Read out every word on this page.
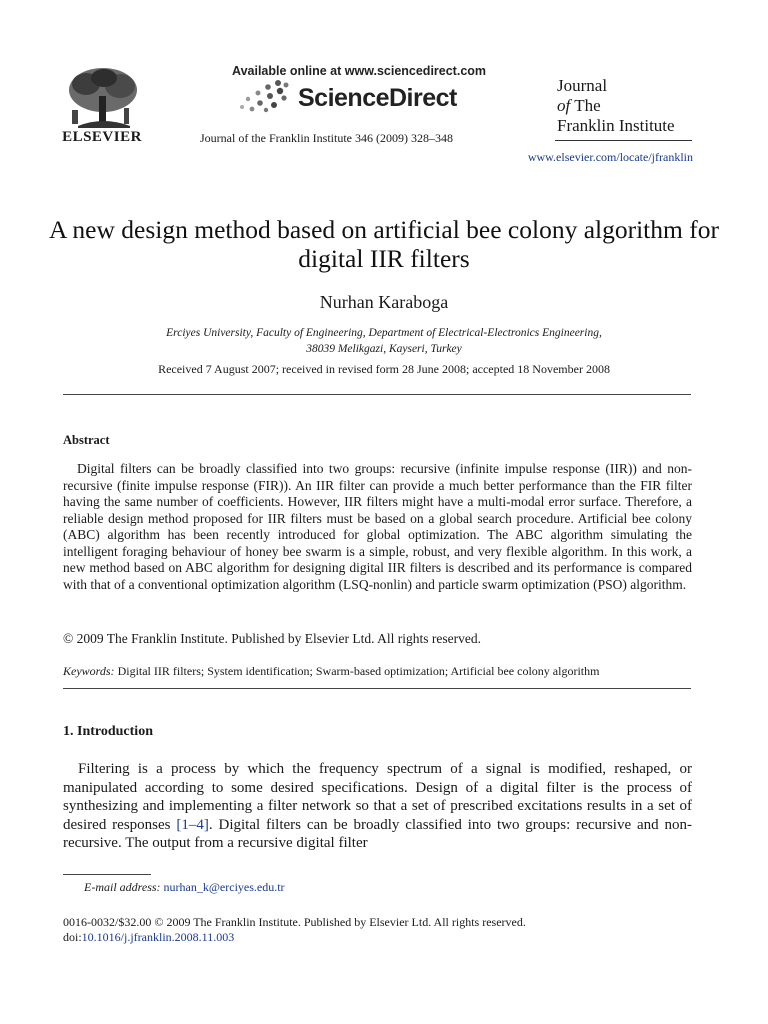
ELSEVIER
Available online at www.sciencedirect.com
ScienceDirect
Journal of the Franklin Institute 346 (2009) 328–348
Journal
of The
Franklin Institute
www.elsevier.com/locate/jfranklin
A new design method based on artificial bee colony algorithm for digital IIR filters
Nurhan Karaboga
Erciyes University, Faculty of Engineering, Department of Electrical-Electronics Engineering,
38039 Melikgazi, Kayseri, Turkey
Received 7 August 2007; received in revised form 28 June 2008; accepted 18 November 2008
Abstract
Digital filters can be broadly classified into two groups: recursive (infinite impulse response (IIR)) and non-recursive (finite impulse response (FIR)). An IIR filter can provide a much better performance than the FIR filter having the same number of coefficients. However, IIR filters might have a multi-modal error surface. Therefore, a reliable design method proposed for IIR filters must be based on a global search procedure. Artificial bee colony (ABC) algorithm has been recently introduced for global optimization. The ABC algorithm simulating the intelligent foraging behaviour of honey bee swarm is a simple, robust, and very flexible algorithm. In this work, a new method based on ABC algorithm for designing digital IIR filters is described and its performance is compared with that of a conventional optimization algorithm (LSQ-nonlin) and particle swarm optimization (PSO) algorithm.
© 2009 The Franklin Institute. Published by Elsevier Ltd. All rights reserved.
Keywords: Digital IIR filters; System identification; Swarm-based optimization; Artificial bee colony algorithm
1. Introduction
Filtering is a process by which the frequency spectrum of a signal is modified, reshaped, or manipulated according to some desired specifications. Design of a digital filter is the process of synthesizing and implementing a filter network so that a set of prescribed excitations results in a set of desired responses [1–4]. Digital filters can be broadly classified into two groups: recursive and non-recursive. The output from a recursive digital filter
E-mail address: nurhan_k@erciyes.edu.tr
0016-0032/$32.00 © 2009 The Franklin Institute. Published by Elsevier Ltd. All rights reserved.
doi:10.1016/j.jfranklin.2008.11.003
